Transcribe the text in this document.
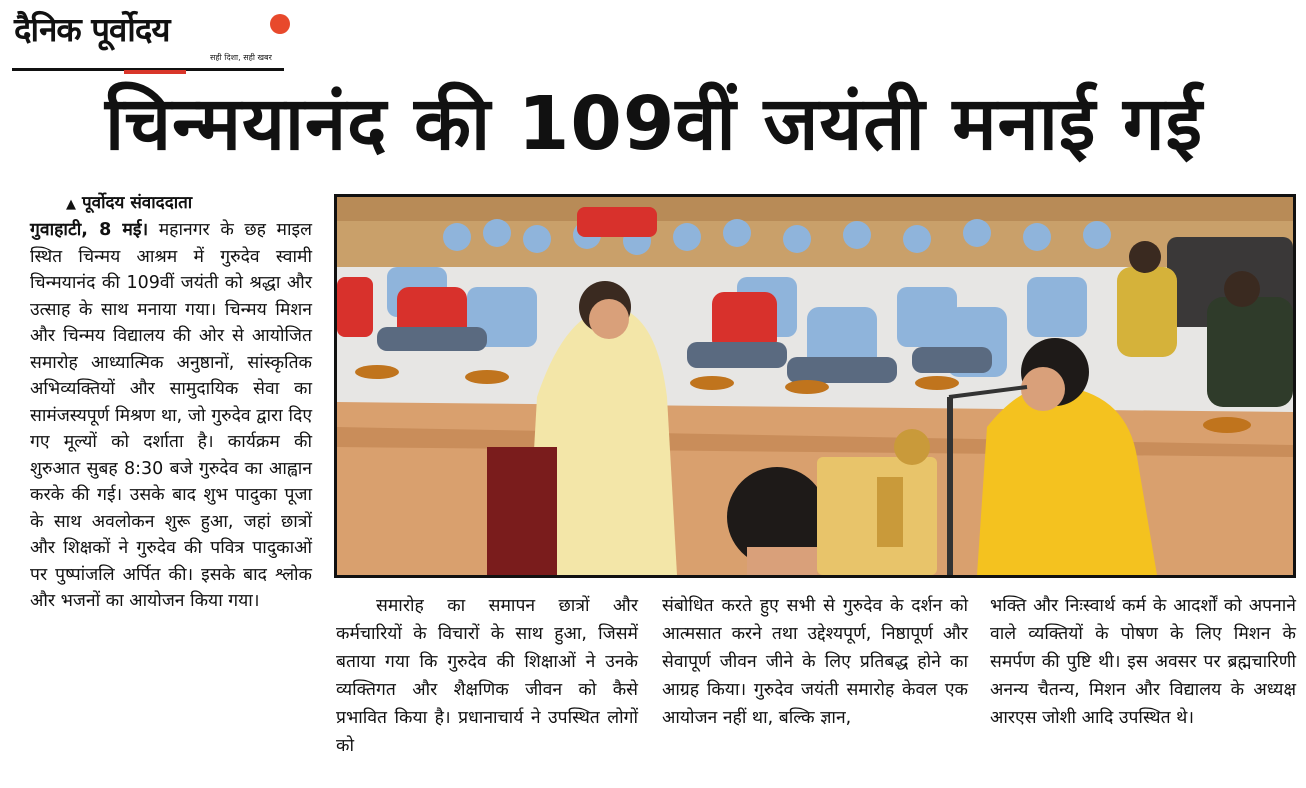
दैनिक पूर्वोदय
सही दिशा, सही खबर
चिन्मयानंद की 109वीं जयंती मनाई गई
▲ पूर्वोदय संवाददाता
गुवाहाटी, 8 मई। महानगर के छह माइल स्थित चिन्मय आश्रम में गुरुदेव स्वामी चिन्मयानंद की 109वीं जयंती को श्रद्धा और उत्साह के साथ मनाया गया। चिन्मय मिशन और चिन्मय विद्यालय की ओर से आयोजित समारोह आध्यात्मिक अनुष्ठानों, सांस्कृतिक अभिव्यक्तियों और सामुदायिक सेवा का सामंजस्यपूर्ण मिश्रण था, जो गुरुदेव द्वारा दिए गए मूल्यों को दर्शाता है। कार्यक्रम की शुरुआत सुबह 8:30 बजे गुरुदेव का आह्वान करके की गई। उसके बाद शुभ पादुका पूजा के साथ अवलोकन शुरू हुआ, जहां छात्रों और शिक्षकों ने गुरुदेव की पवित्र पादुकाओं पर पुष्पांजलि अर्पित की। इसके बाद श्लोक और भजनों का आयोजन किया गया।	समारोह का समापन छात्रों और कर्मचारियों के विचारों के साथ हुआ, जिसमें बताया गया कि गुरुदेव की शिक्षाओं ने उनके व्यक्तिगत और शैक्षणिक जीवन को कैसे प्रभावित किया है। प्रधानाचार्य ने उपस्थित लोगों को
संबोधित करते हुए सभी से गुरुदेव के दर्शन को आत्मसात करने तथा उद्देश्यपूर्ण, निष्ठापूर्ण और सेवापूर्ण जीवन जीने के लिए प्रतिबद्ध होने का आग्रह किया। गुरुदेव जयंती समारोह केवल एक आयोजन नहीं था, बल्कि ज्ञान,
भक्ति और निःस्वार्थ कर्म के आदर्शों को अपनाने वाले व्यक्तियों के पोषण के लिए मिशन के समर्पण की पुष्टि थी। इस अवसर पर ब्रह्मचारिणी अनन्य चैतन्य, मिशन और विद्यालय के अध्यक्ष आरएस जोशी आदि उपस्थित थे।
